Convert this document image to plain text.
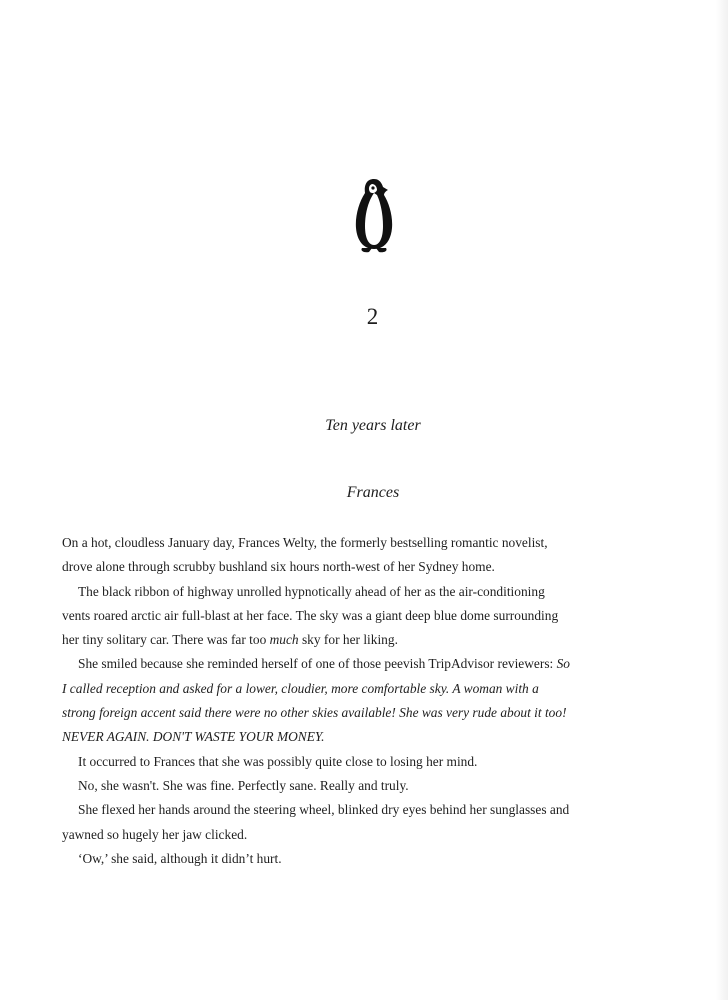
2
Ten years later
Frances

On a hot, cloudless January day, Frances Welty, the formerly bestselling romantic novelist,
drove alone through scrubby bushland six hours north-west of her Sydney home.

The black ribbon of highway unrolled hypnotically ahead of her as the air-conditioning
vents roared arctic air full-blast at her face. The sky was a giant deep blue dome surrounding
her tiny solitary car. There was far too much sky for her liking.

She smiled because she reminded herself of one of those peevish TripAdvisor reviewers: So
I called reception and asked for a lower, cloudier, more comfortable sky. A woman with a
strong foreign accent said there were no other skies available! She was very rude about it too!
NEVER AGAIN. DON'T WASTE YOUR MONEY.

It occurred to Frances that she was possibly quite close to losing her mind.

No, she wasn't. She was fine. Perfectly sane. Really and truly.

She flexed her hands around the steering wheel, blinked dry eyes behind her sunglasses and
yawned so hugely her jaw clicked.

‘Ow,’ she said, although it didn’t hurt.
